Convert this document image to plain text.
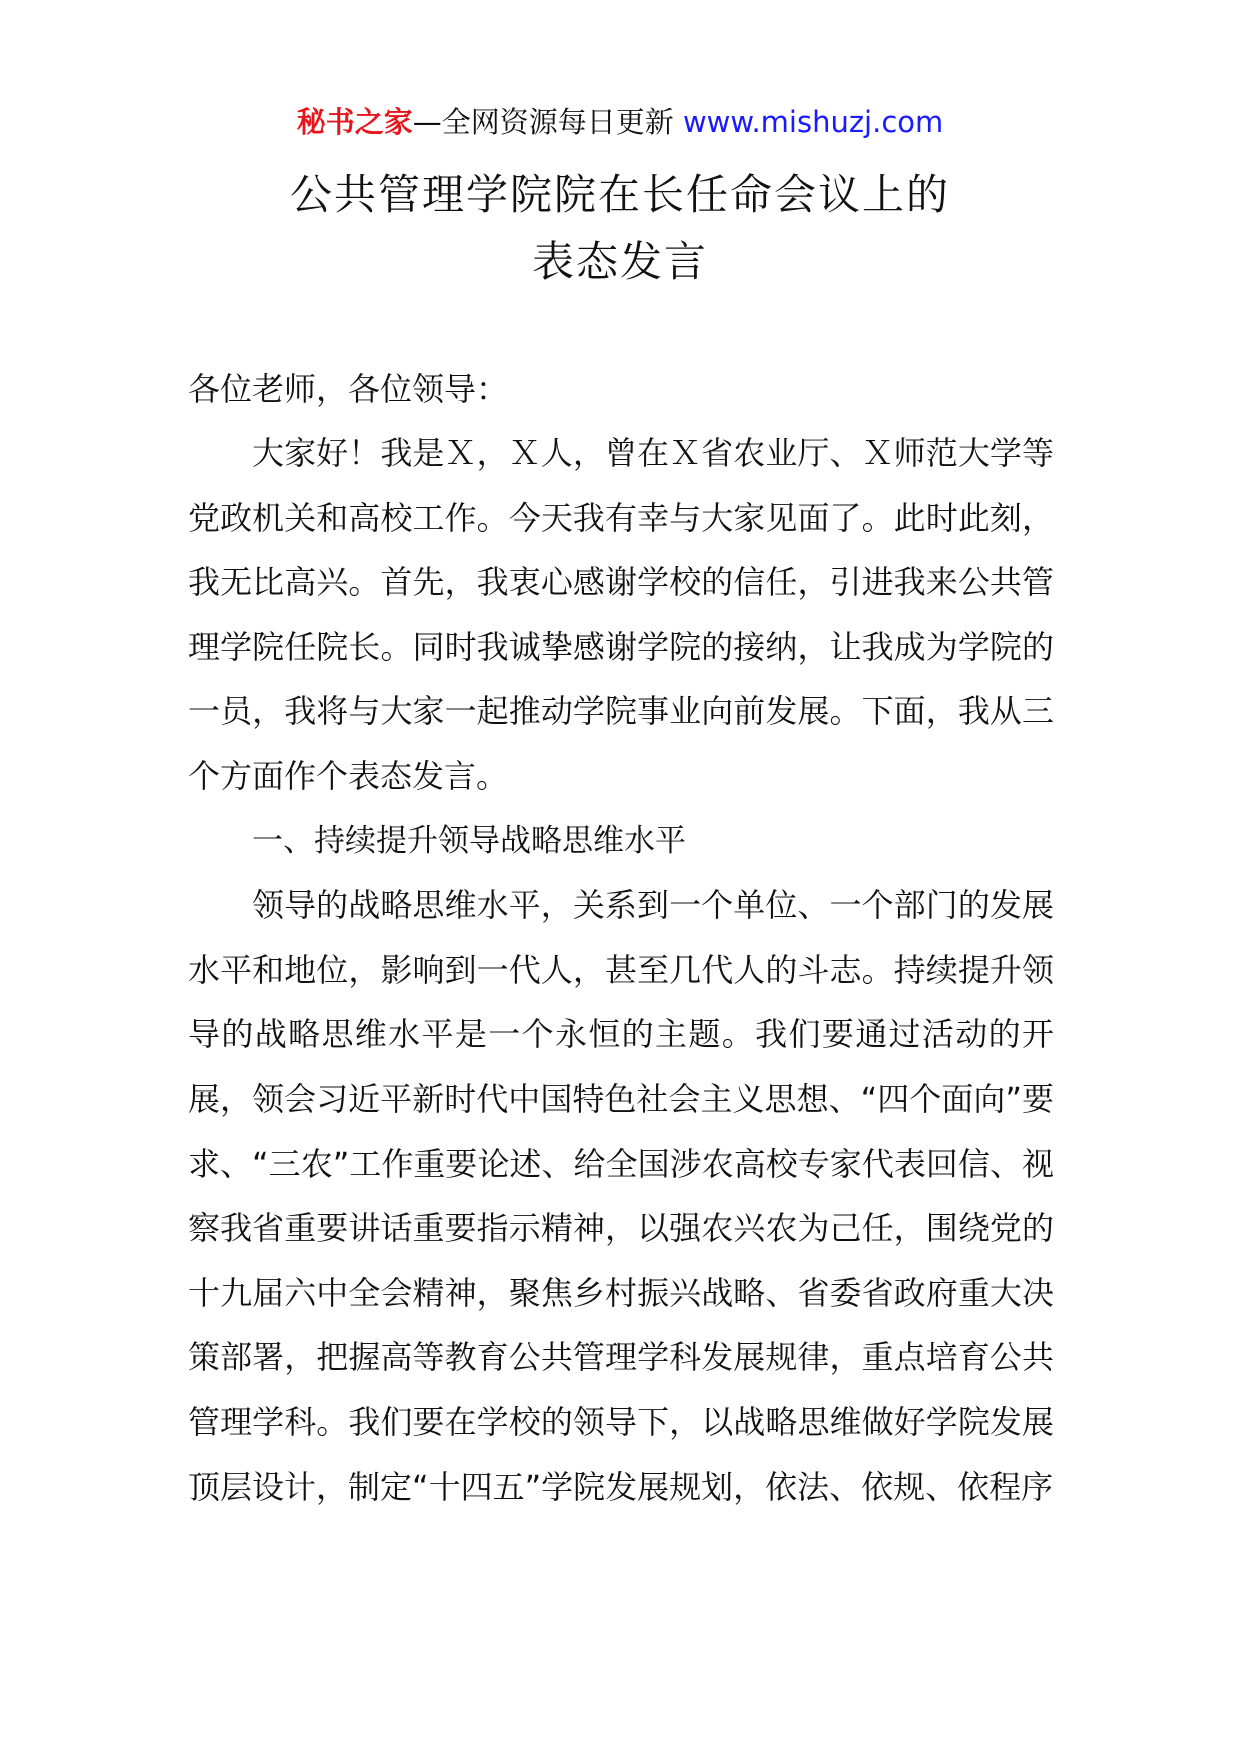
秘书之家—全网资源每日更新 www.mishuzj.com
公共管理学院院在长任命会议上的
表态发言
各位老师，各位领导：

大家好！我是Ｘ，Ｘ人，曾在Ｘ省农业厅、Ｘ师范大学等党政机关和高校工作。今天我有幸与大家见面了。此时此刻，我无比高兴。首先，我衷心感谢学校的信任，引进我来公共管理学院任院长。同时我诚挚感谢学院的接纳，让我成为学院的一员，我将与大家一起推动学院事业向前发展。下面，我从三个方面作个表态发言。

一、持续提升领导战略思维水平

领导的战略思维水平，关系到一个单位、一个部门的发展水平和地位，影响到一代人，甚至几代人的斗志。持续提升领导的战略思维水平是一个永恒的主题。我们要通过活动的开展，领会习近平新时代中国特色社会主义思想、“四个面向”要求、“三农”工作重要论述、给全国涉农高校专家代表回信、视察我省重要讲话重要指示精神，以强农兴农为己任，围绕党的十九届六中全会精神，聚焦乡村振兴战略、省委省政府重大决策部署，把握高等教育公共管理学科发展规律，重点培育公共管理学科。我们要在学校的领导下，以战略思维做好学院发展顶层设计，制定“十四五”学院发展规划，依法、依规、依程序
